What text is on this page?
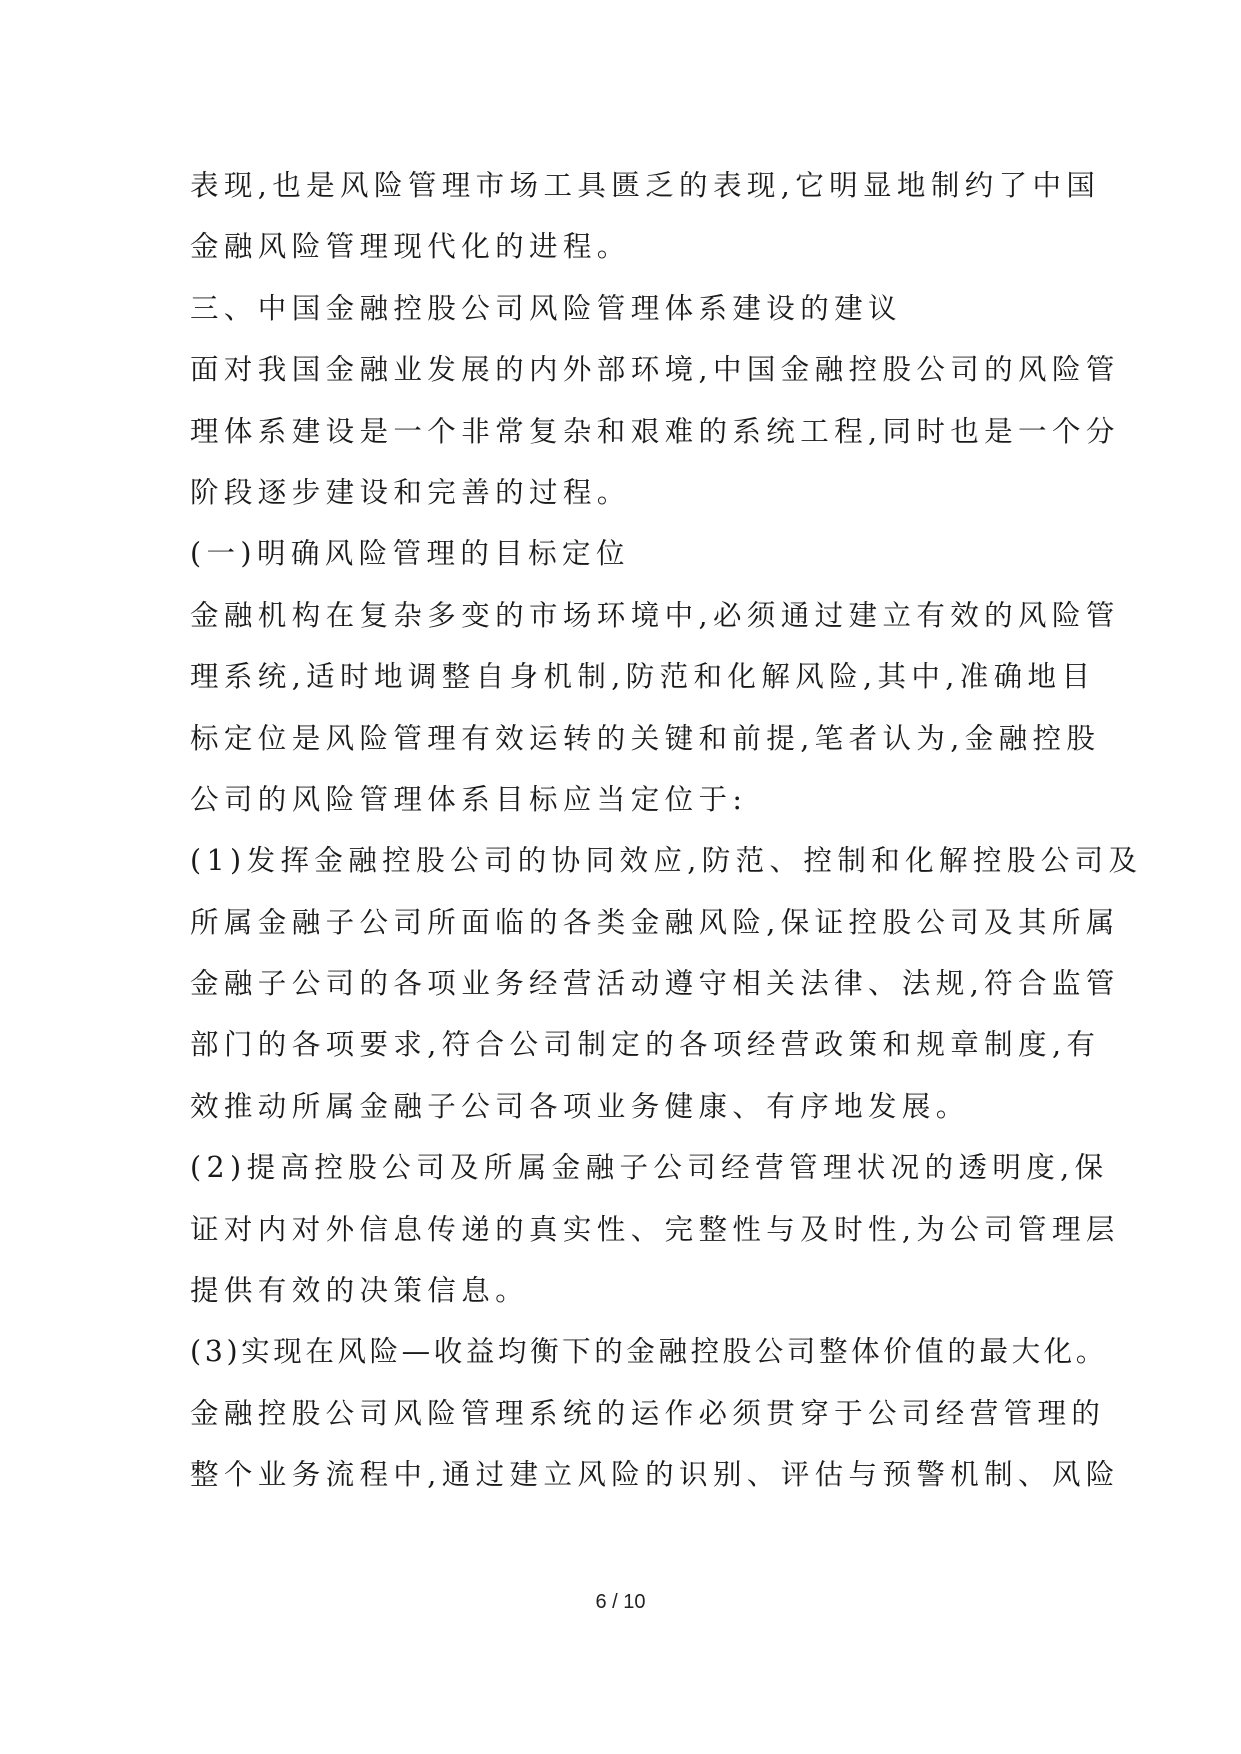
表现,也是风险管理市场工具匮乏的表现,它明显地制约了中国
金融风险管理现代化的进程。
三、中国金融控股公司风险管理体系建设的建议
面对我国金融业发展的内外部环境,中国金融控股公司的风险管
理体系建设是一个非常复杂和艰难的系统工程,同时也是一个分
阶段逐步建设和完善的过程。
(一)明确风险管理的目标定位
金融机构在复杂多变的市场环境中,必须通过建立有效的风险管
理系统,适时地调整自身机制,防范和化解风险,其中,准确地目
标定位是风险管理有效运转的关键和前提,笔者认为,金融控股
公司的风险管理体系目标应当定位于:
(1)发挥金融控股公司的协同效应,防范、控制和化解控股公司及
所属金融子公司所面临的各类金融风险,保证控股公司及其所属
金融子公司的各项业务经营活动遵守相关法律、法规,符合监管
部门的各项要求,符合公司制定的各项经营政策和规章制度,有
效推动所属金融子公司各项业务健康、有序地发展。
(2)提高控股公司及所属金融子公司经营管理状况的透明度,保
证对内对外信息传递的真实性、完整性与及时性,为公司管理层
提供有效的决策信息。
(3)实现在风险—收益均衡下的金融控股公司整体价值的最大化。
金融控股公司风险管理系统的运作必须贯穿于公司经营管理的
整个业务流程中,通过建立风险的识别、评估与预警机制、风险
6 / 10
